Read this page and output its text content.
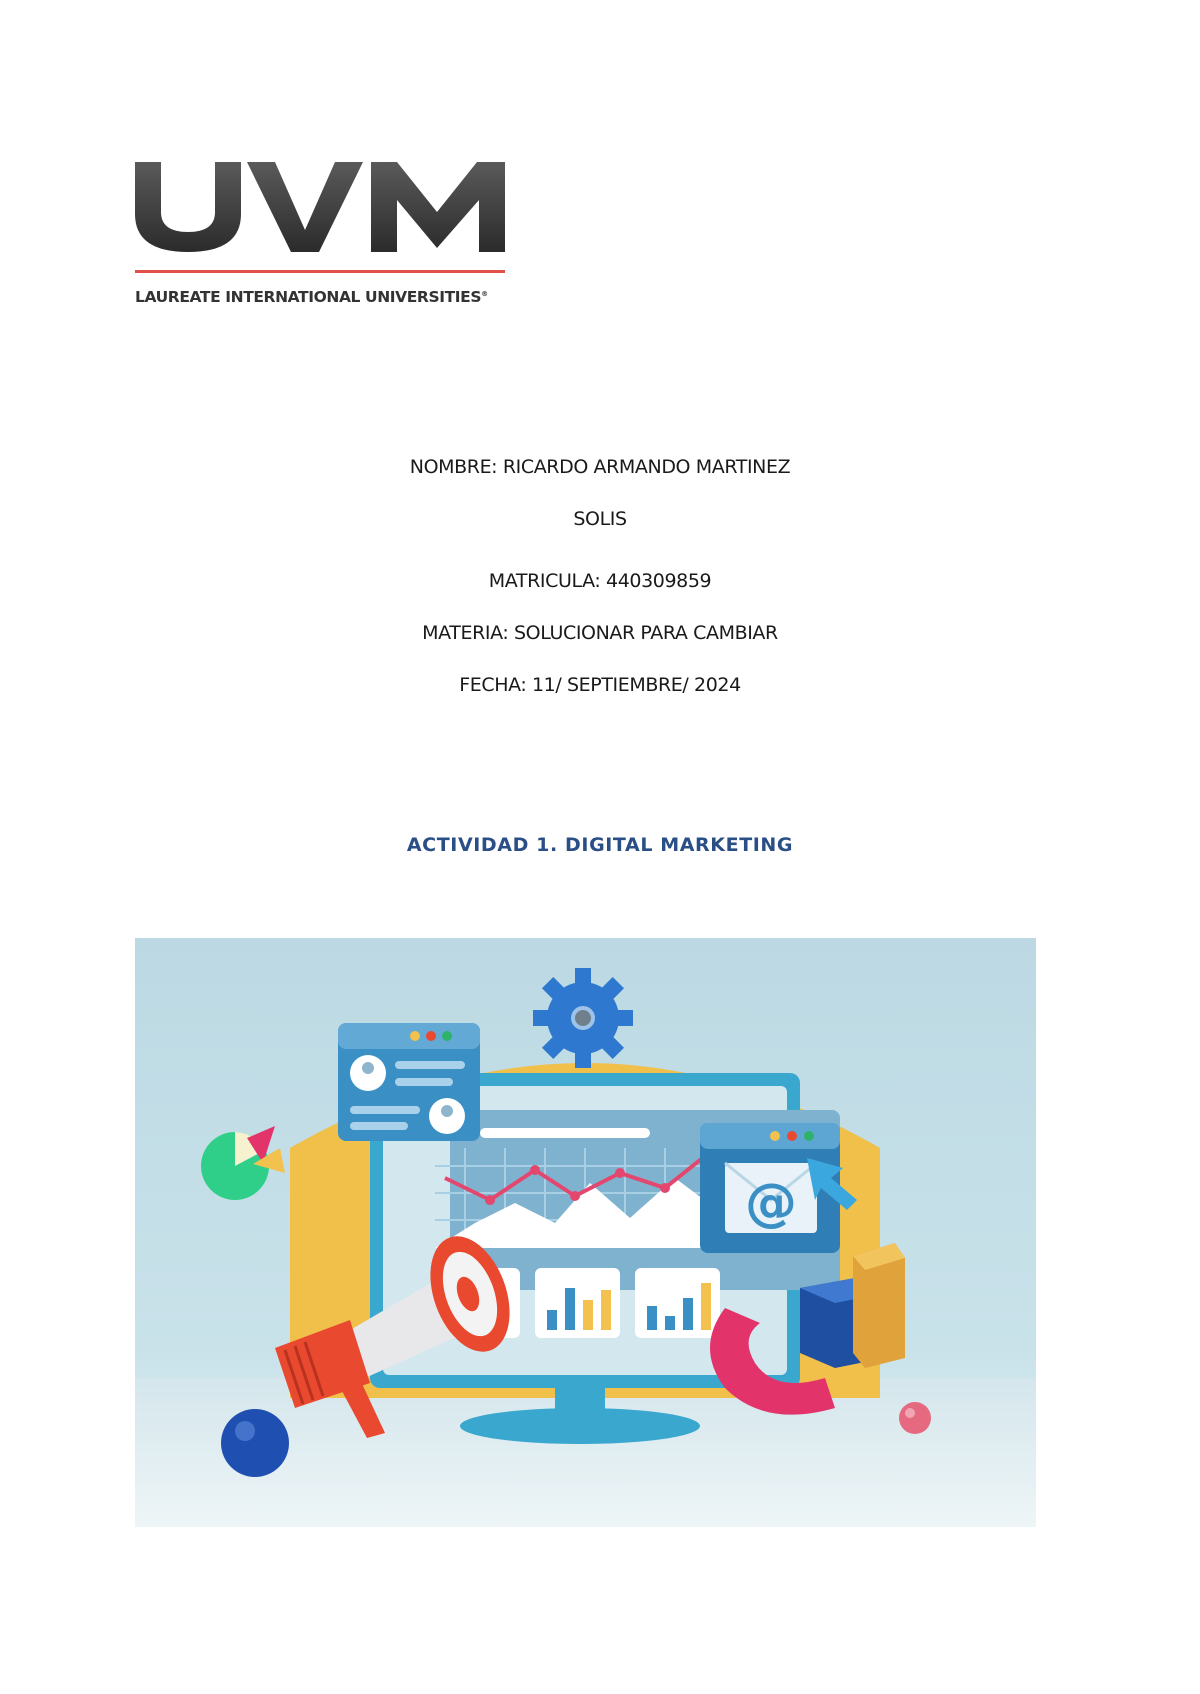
LAUREATE INTERNATIONAL UNIVERSITIES®
NOMBRE: RICARDO ARMANDO MARTINEZ
SOLIS
MATRICULA: 440309859
MATERIA: SOLUCIONAR PARA CAMBIAR
FECHA: 11/ SEPTIEMBRE/ 2024
ACTIVIDAD 1. DIGITAL MARKETING
@
